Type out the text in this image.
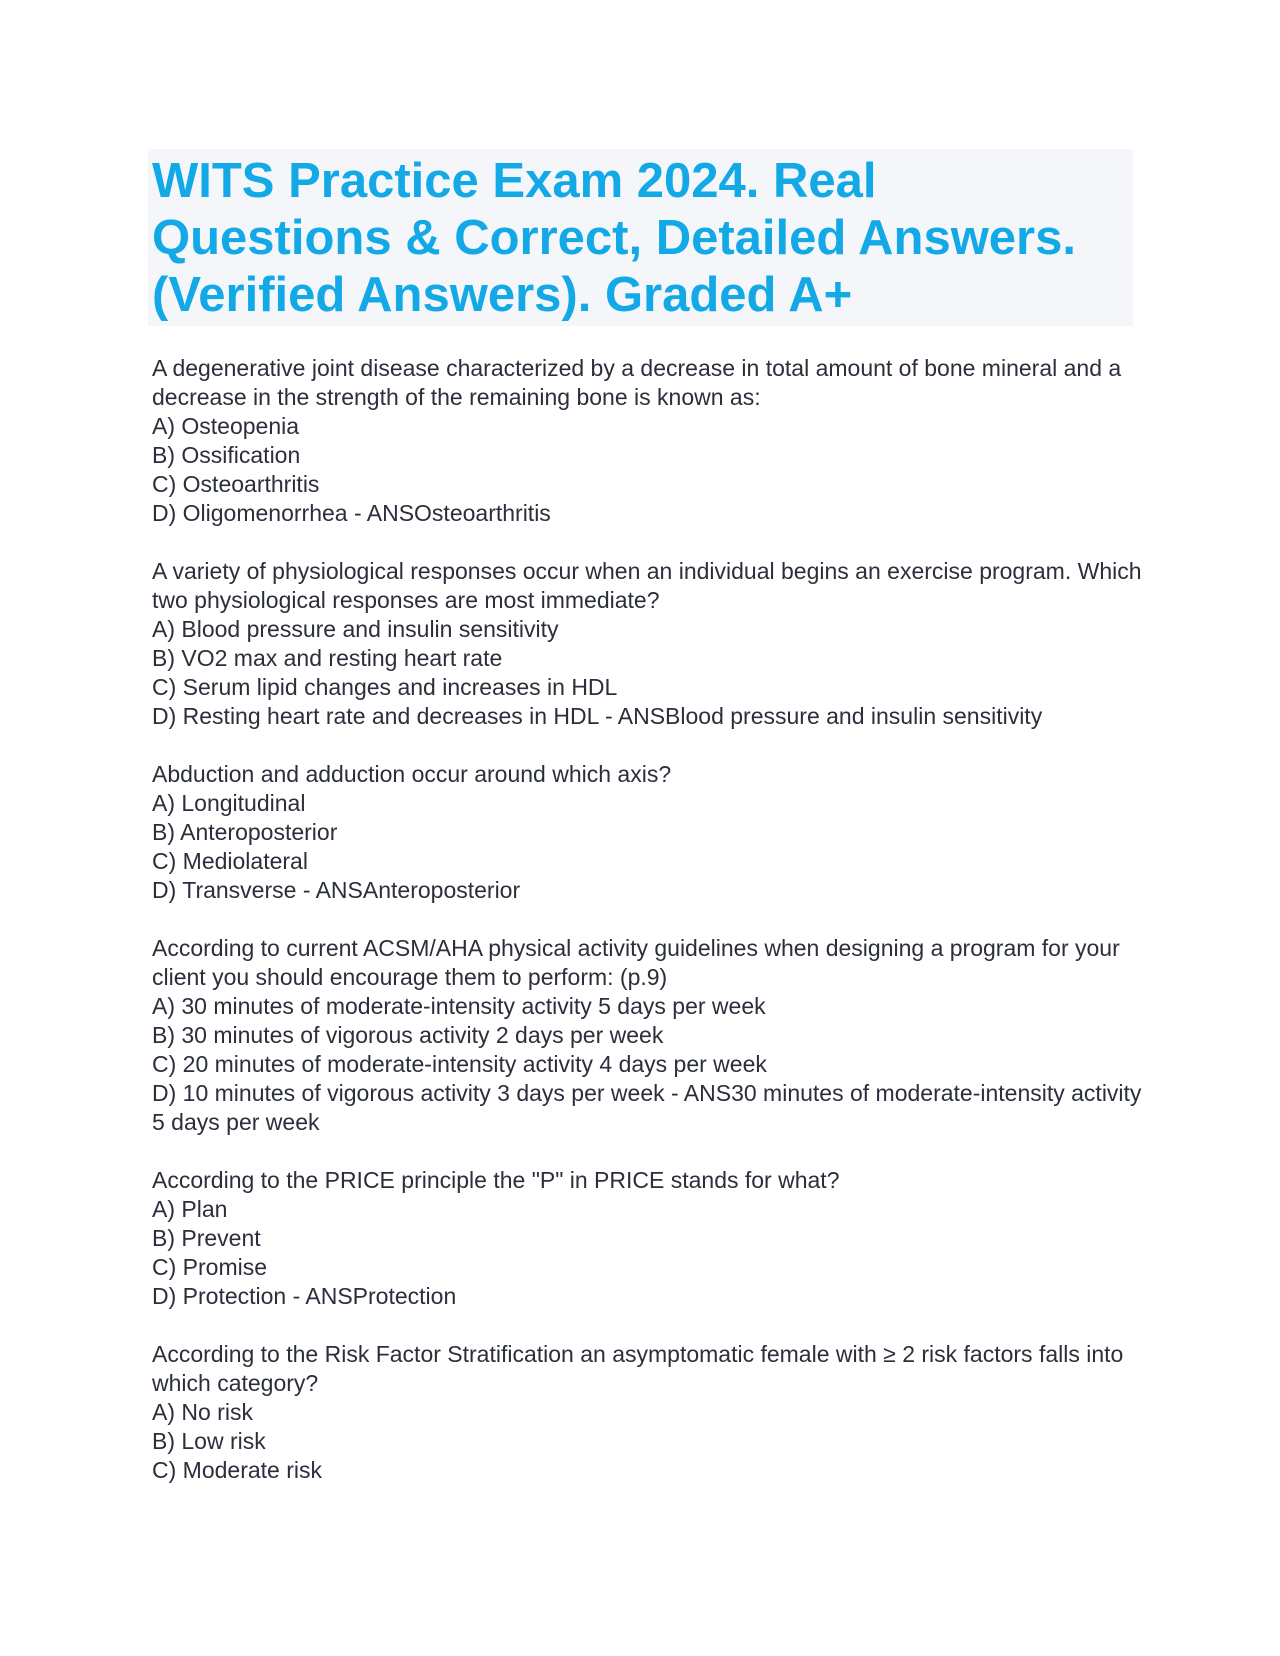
WITS Practice Exam 2024. Real Questions & Correct, Detailed Answers. (Verified Answers). Graded A+
A degenerative joint disease characterized by a decrease in total amount of bone mineral and a decrease in the strength of the remaining bone is known as:
A) Osteopenia
B) Ossification
C) Osteoarthritis
D) Oligomenorrhea - ANSOsteoarthritis
A variety of physiological responses occur when an individual begins an exercise program. Which two physiological responses are most immediate?
A) Blood pressure and insulin sensitivity
B) VO2 max and resting heart rate
C) Serum lipid changes and increases in HDL
D) Resting heart rate and decreases in HDL - ANSBlood pressure and insulin sensitivity
Abduction and adduction occur around which axis?
A) Longitudinal
B) Anteroposterior
C) Mediolateral
D) Transverse - ANSAnteroposterior
According to current ACSM/AHA physical activity guidelines when designing a program for your client you should encourage them to perform: (p.9)
A) 30 minutes of moderate-intensity activity 5 days per week
B) 30 minutes of vigorous activity 2 days per week
C) 20 minutes of moderate-intensity activity 4 days per week
D) 10 minutes of vigorous activity 3 days per week - ANS30 minutes of moderate-intensity activity 5 days per week
According to the PRICE principle the "P" in PRICE stands for what?
A) Plan
B) Prevent
C) Promise
D) Protection - ANSProtection
According to the Risk Factor Stratification an asymptomatic female with ≥ 2 risk factors falls into which category?
A) No risk
B) Low risk
C) Moderate risk
